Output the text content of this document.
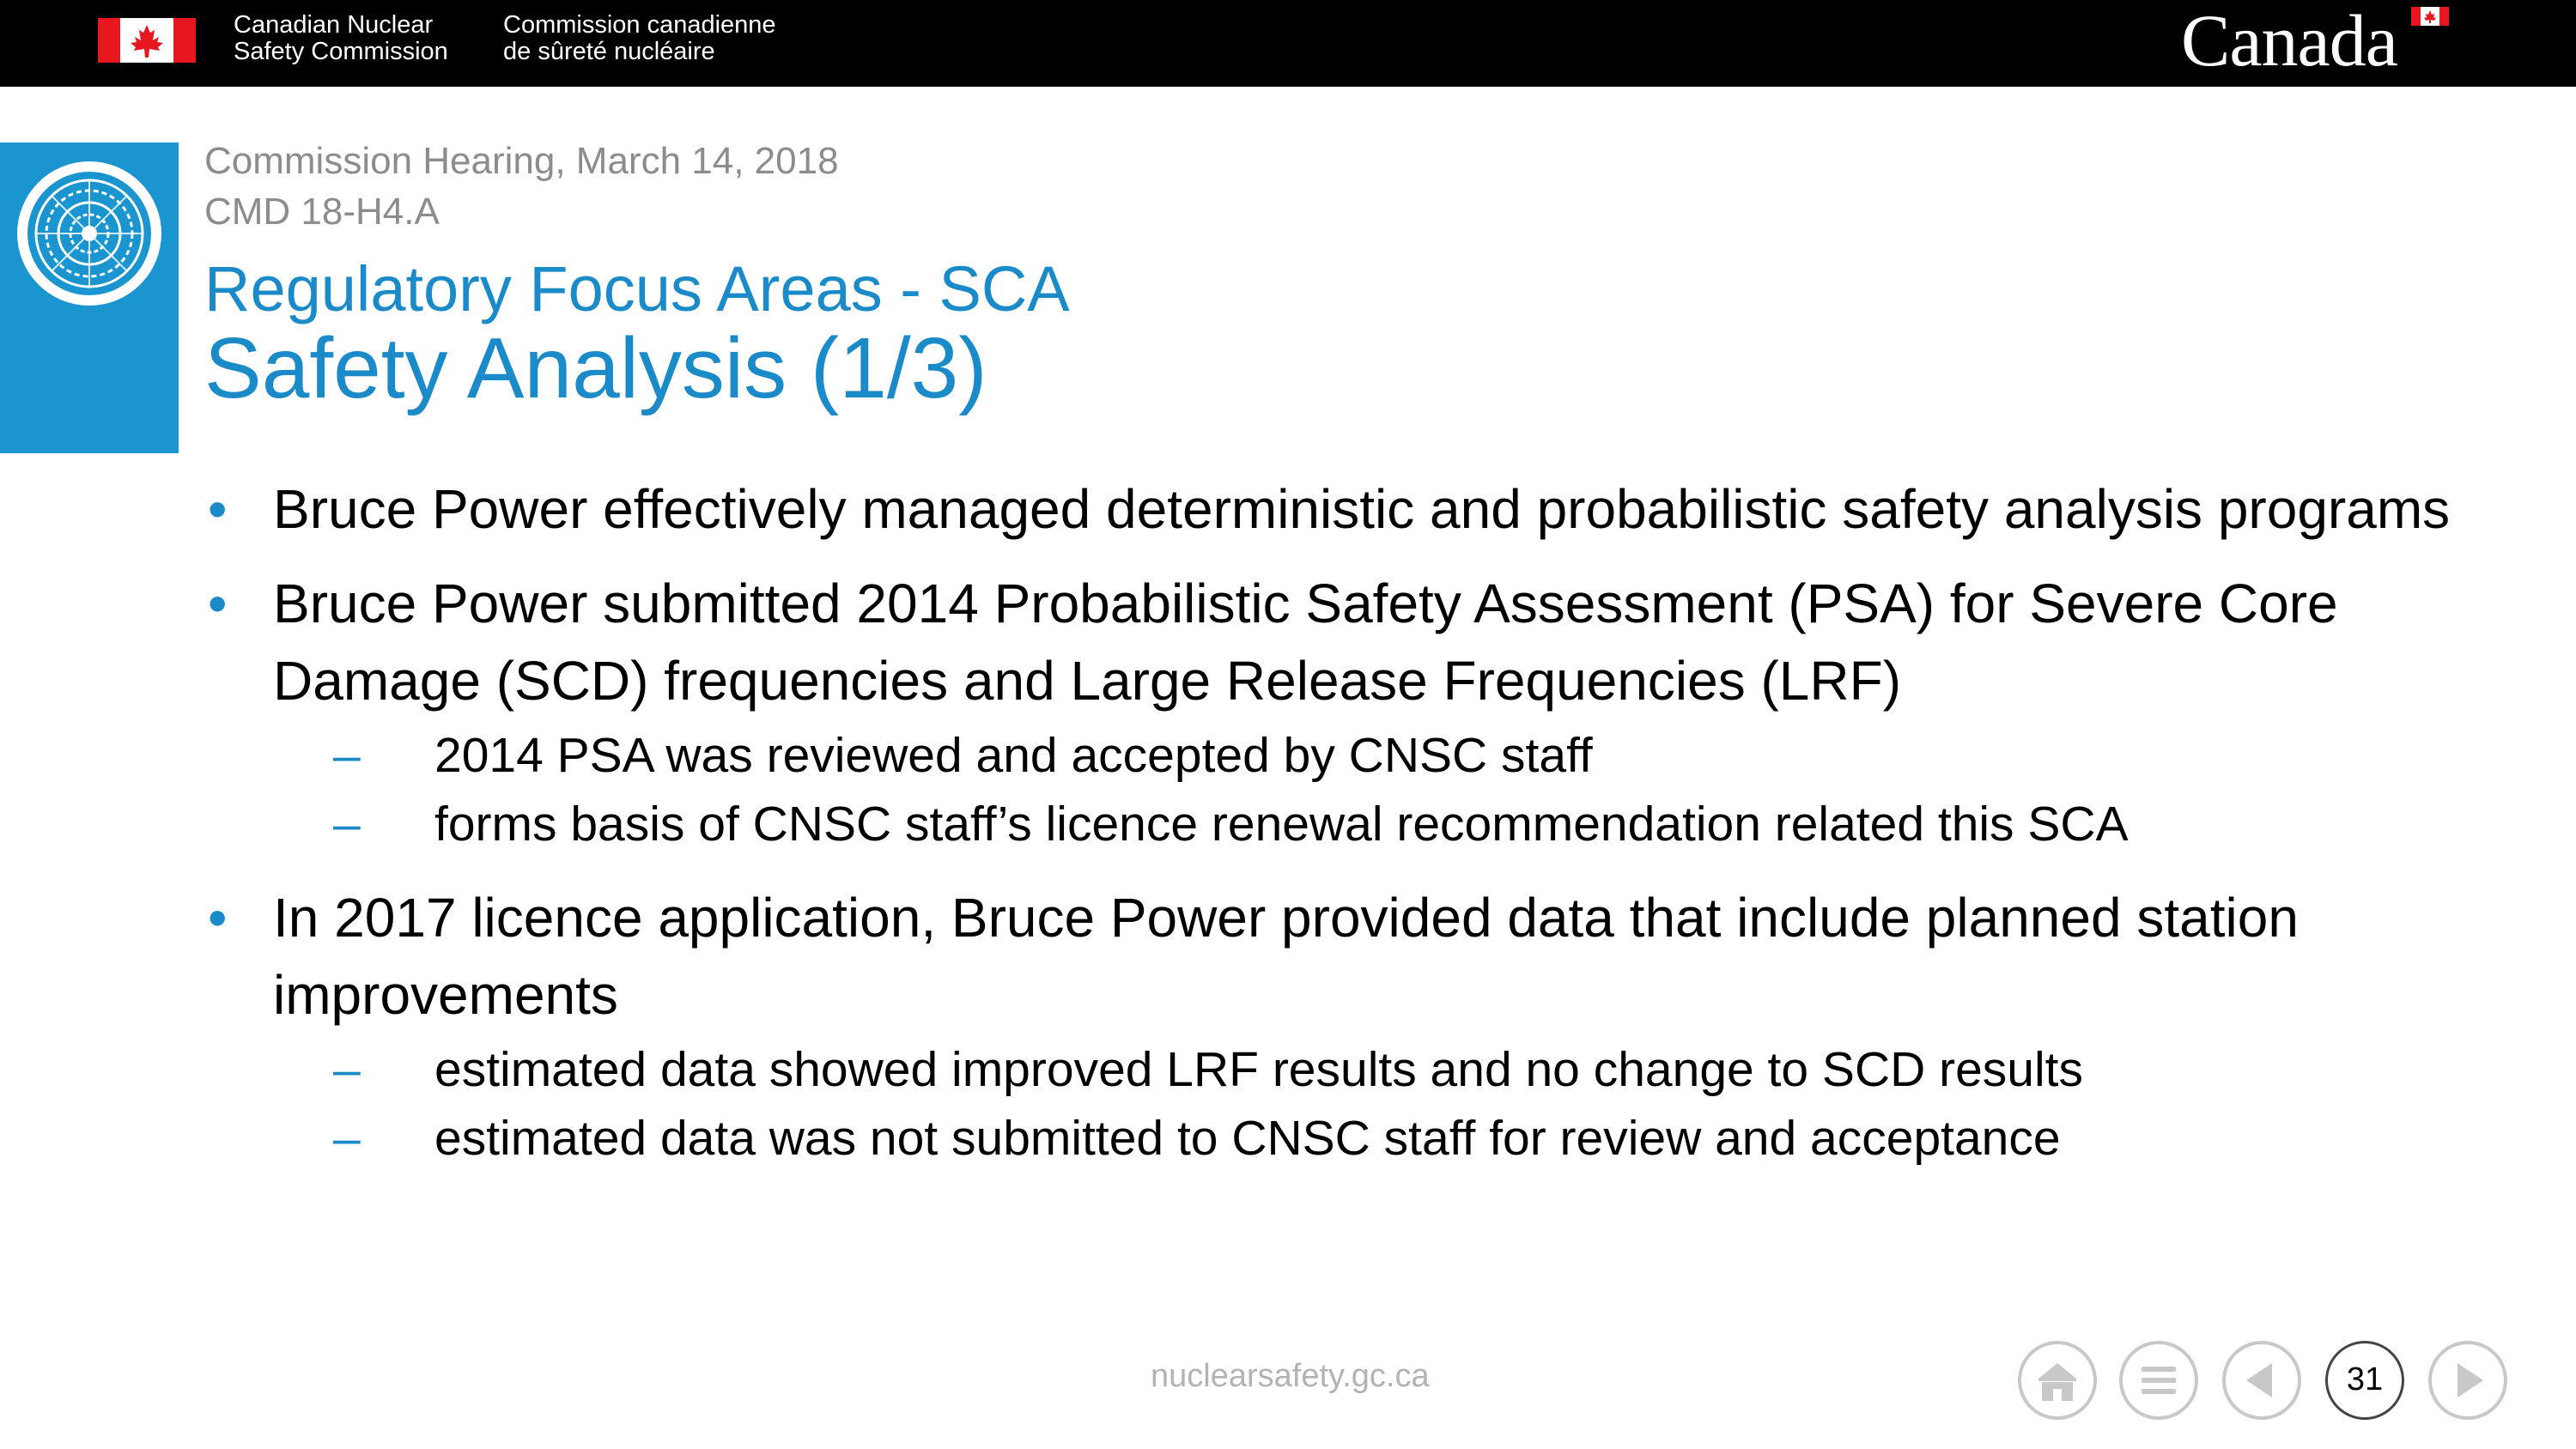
Canadian Nuclear
Safety Commission
Commission canadienne
de sûreté nucléaire	Canada
Commission Hearing, March 14, 2018
CMD 18-H4.A
Regulatory Focus Areas - SCA
Safety Analysis (1/3)
• Bruce Power effectively managed deterministic and probabilistic safety analysis programs
• Bruce Power submitted 2014 Probabilistic Safety Assessment (PSA) for Severe Core Damage (SCD) frequencies and Large Release Frequencies (LRF)
– 2014 PSA was reviewed and accepted by CNSC staff
– forms basis of CNSC staff’s licence renewal recommendation related this SCA
• In 2017 licence application, Bruce Power provided data that include planned station improvements
– estimated data showed improved LRF results and no change to SCD results
– estimated data was not submitted to CNSC staff for review and acceptance
nuclearsafety.gc.ca	31
